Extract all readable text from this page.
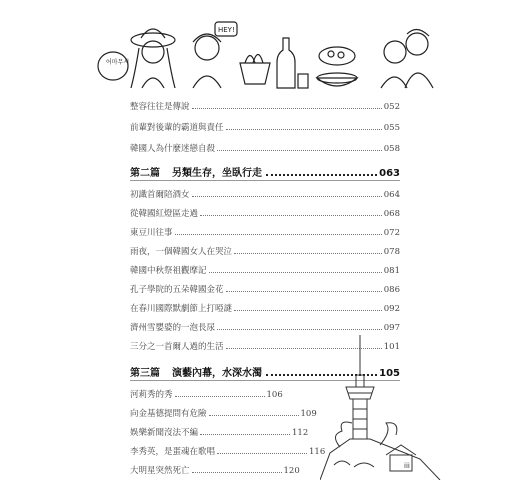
어마무시
HEY!
整容往往是傳說	052
前輩對後輩的霸道與責任	055
韓國人為什麼迷戀自殺	058
第二篇 另類生存，坐臥行走	063
初識首爾陪酒女	064
從韓國紅燈區走過	068
東豆川往事	072
雨夜，一個韓國女人在哭泣	078
韓國中秋祭祖觀摩記	081
孔子學院的五朵韓國金花	086
在春川國際默劇節上打啞謎	092
濟州雪嬰婆的一泡長尿	097
三分之一首爾人過的生活	101
第三篇 演藝內幕，水深水濁	105
河莉秀的秀	106
向金基德提問有危險	109
娛樂新聞沒法不編	112
李秀英，是蛋魂在歌唱	116
大明星突然死亡	120	iii
